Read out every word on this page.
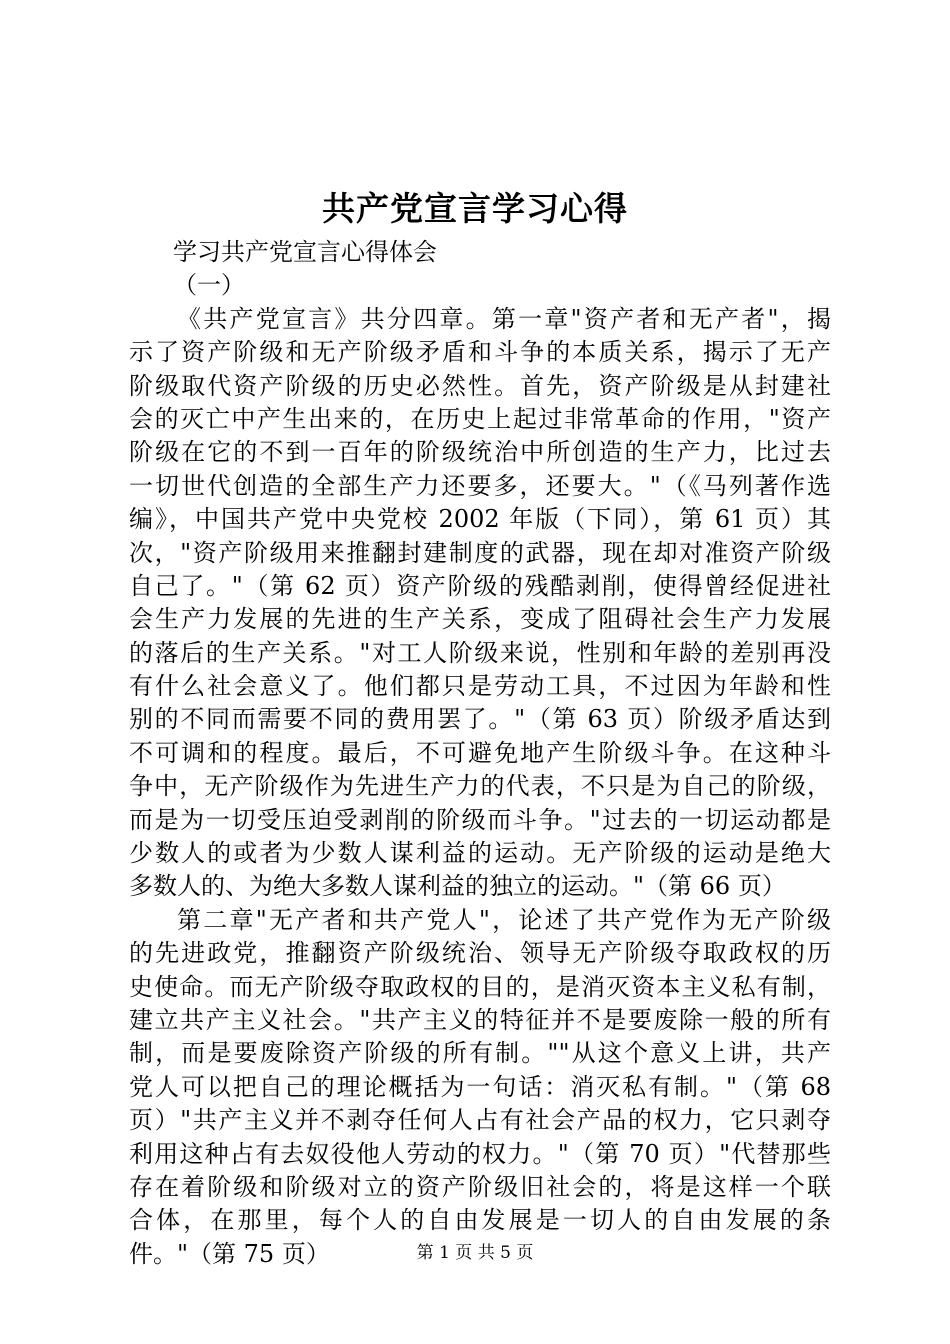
共产党宣言学习心得
学习共产党宣言心得体会
（一）
《共产党宣言》共分四章。第一章"资产者和无产者"，揭
示了资产阶级和无产阶级矛盾和斗争的本质关系，揭示了无产
阶级取代资产阶级的历史必然性。首先，资产阶级是从封建社
会的灭亡中产生出来的，在历史上起过非常革命的作用，"资产
阶级在它的不到一百年的阶级统治中所创造的生产力，比过去
一切世代创造的全部生产力还要多，还要大。"（《马列著作选
编》，中国共产党中央党校 2002 年版（下同），第 61 页）其
次，"资产阶级用来推翻封建制度的武器，现在却对准资产阶级
自己了。"（第 62 页）资产阶级的残酷剥削，使得曾经促进社
会生产力发展的先进的生产关系，变成了阻碍社会生产力发展
的落后的生产关系。"对工人阶级来说，性别和年龄的差别再没
有什么社会意义了。他们都只是劳动工具，不过因为年龄和性
别的不同而需要不同的费用罢了。"（第 63 页）阶级矛盾达到
不可调和的程度。最后，不可避免地产生阶级斗争。在这种斗
争中，无产阶级作为先进生产力的代表，不只是为自己的阶级，
而是为一切受压迫受剥削的阶级而斗争。"过去的一切运动都是
少数人的或者为少数人谋利益的运动。无产阶级的运动是绝大
多数人的、为绝大多数人谋利益的独立的运动。"（第 66 页）
第二章"无产者和共产党人"，论述了共产党作为无产阶级
的先进政党，推翻资产阶级统治、领导无产阶级夺取政权的历
史使命。而无产阶级夺取政权的目的，是消灭资本主义私有制，
建立共产主义社会。"共产主义的特征并不是要废除一般的所有
制，而是要废除资产阶级的所有制。""从这个意义上讲，共产
党人可以把自己的理论概括为一句话：消灭私有制。"（第 68
页）"共产主义并不剥夺任何人占有社会产品的权力，它只剥夺
利用这种占有去奴役他人劳动的权力。"（第 70 页）"代替那些
存在着阶级和阶级对立的资产阶级旧社会的，将是这样一个联
合体，在那里，每个人的自由发展是一切人的自由发展的条
件。"（第 75 页）	第 1 页 共 5 页
